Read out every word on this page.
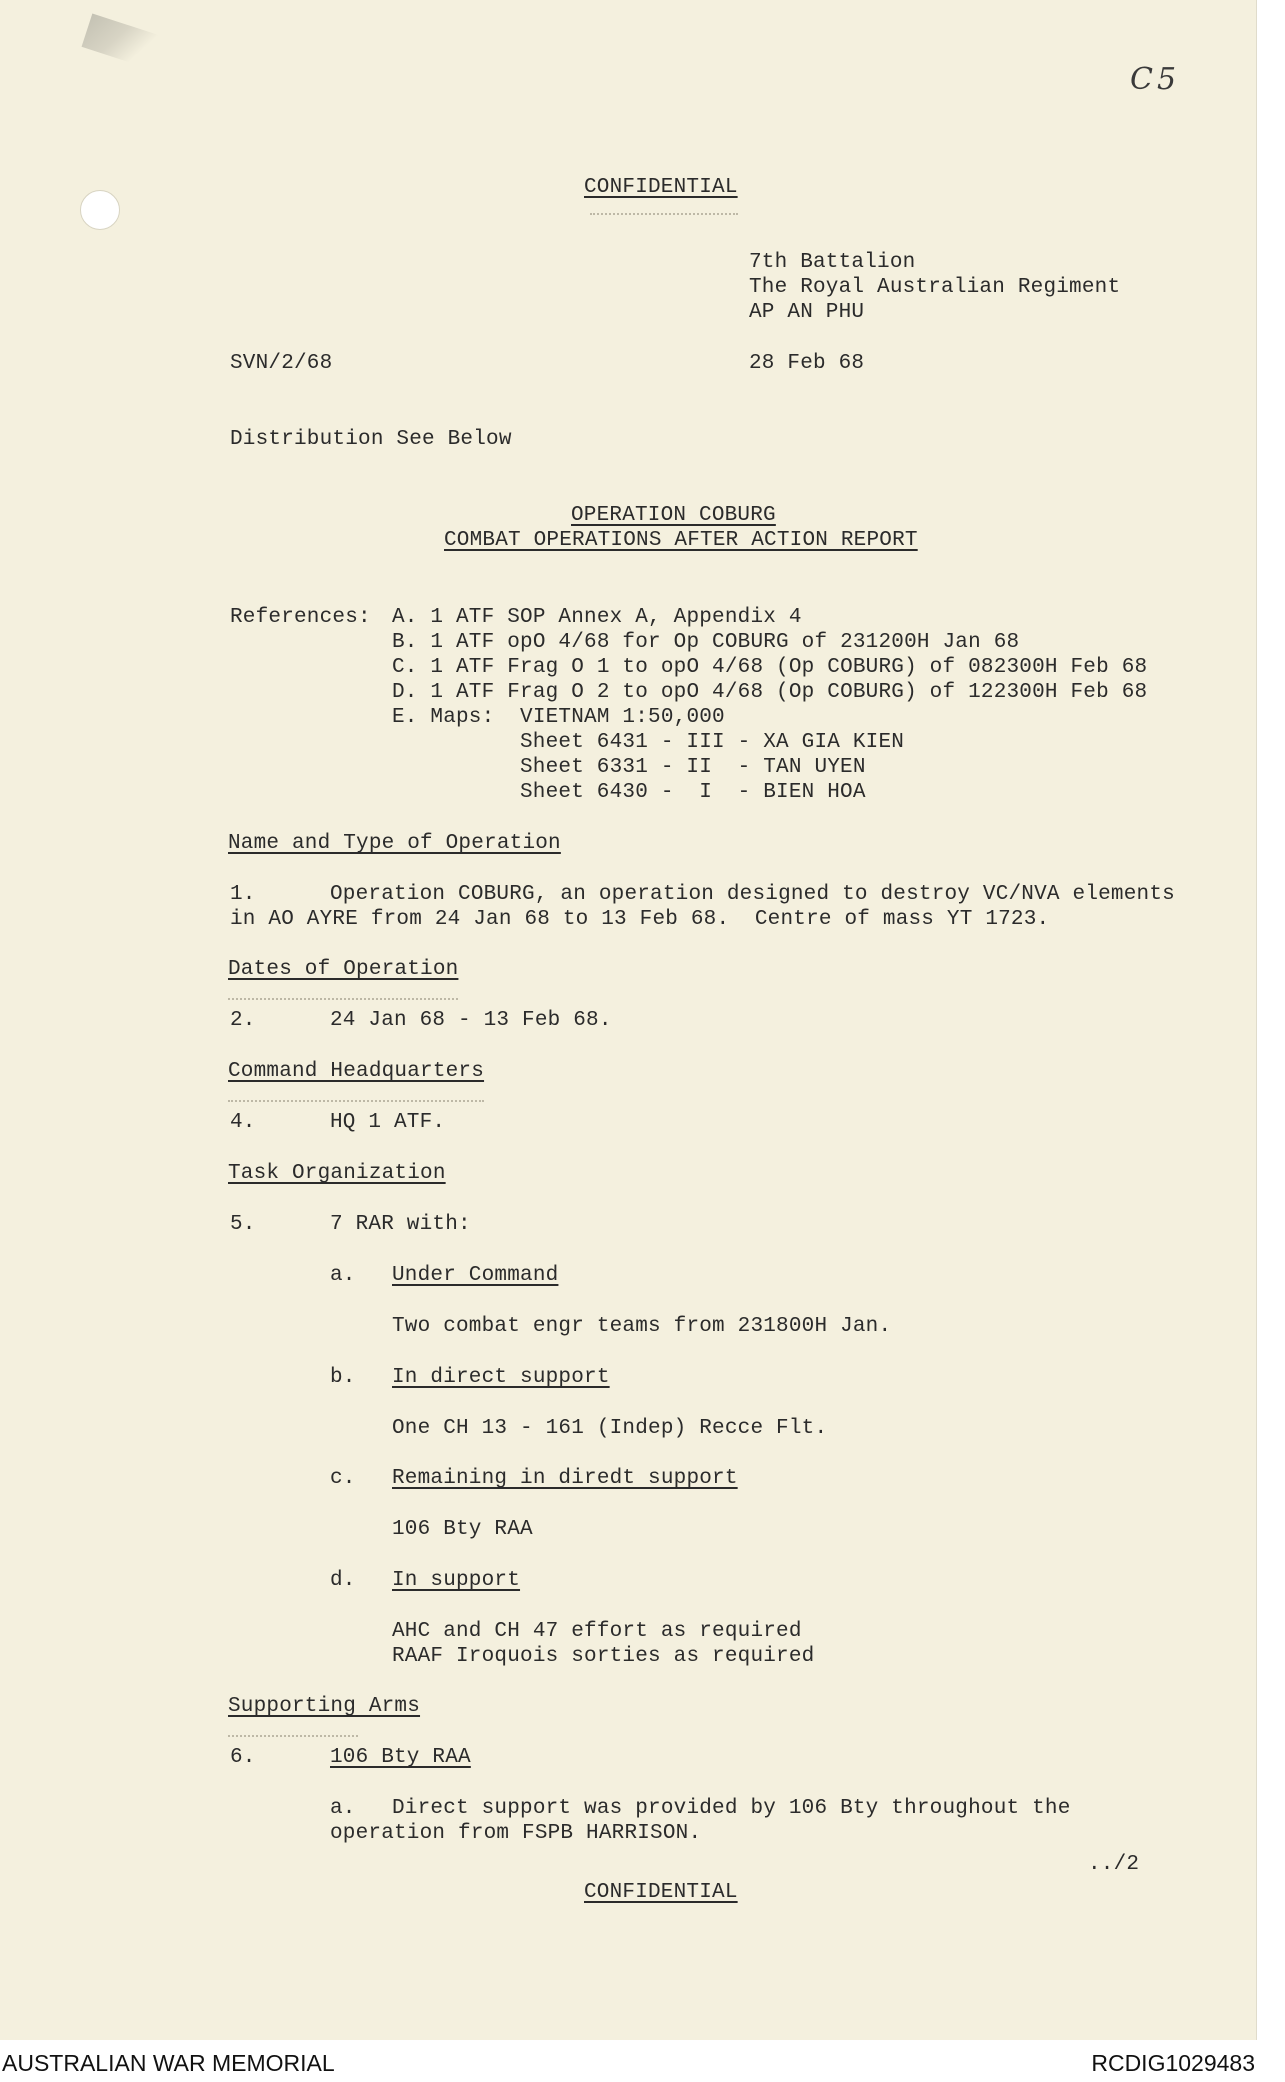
C5
CONFIDENTIAL
7th Battalion
The Royal Australian Regiment
AP AN PHU
SVN/2/68	28 Feb 68
Distribution See Below
OPERATION COBURG
COMBAT OPERATIONS AFTER ACTION REPORT
References: A. 1 ATF SOP Annex A, Appendix 4
B. 1 ATF opO 4/68 for Op COBURG of 231200H Jan 68
C. 1 ATF Frag O 1 to opO 4/68 (Op COBURG) of 082300H Feb 68
D. 1 ATF Frag O 2 to opO 4/68 (Op COBURG) of 122300H Feb 68
E. Maps:  VIETNAM 1:50,000
Sheet 6431 - III - XA GIA KIEN
Sheet 6331 - II  - TAN UYEN
Sheet 6430 -  I  - BIEN HOA
Name and Type of Operation
1.	Operation COBURG, an operation designed to destroy VC/NVA elements
in AO AYRE from 24 Jan 68 to 13 Feb 68.  Centre of mass YT 1723.
Dates of Operation
2.	24 Jan 68 - 13 Feb 68.
Command Headquarters
4.	HQ 1 ATF.
Task Organization
5.	7 RAR with:
a. Under Command
Two combat engr teams from 231800H Jan.
b. In direct support
One CH 13 - 161 (Indep) Recce Flt.
c. Remaining in diredt support
106 Bty RAA
d. In support
AHC and CH 47 effort as required
RAAF Iroquois sorties as required
Supporting Arms
6.	106 Bty RAA
a. Direct support was provided by 106 Bty throughout the
operation from FSPB HARRISON.
../2
CONFIDENTIAL
AUSTRALIAN WAR MEMORIAL	RCDIG1029483
